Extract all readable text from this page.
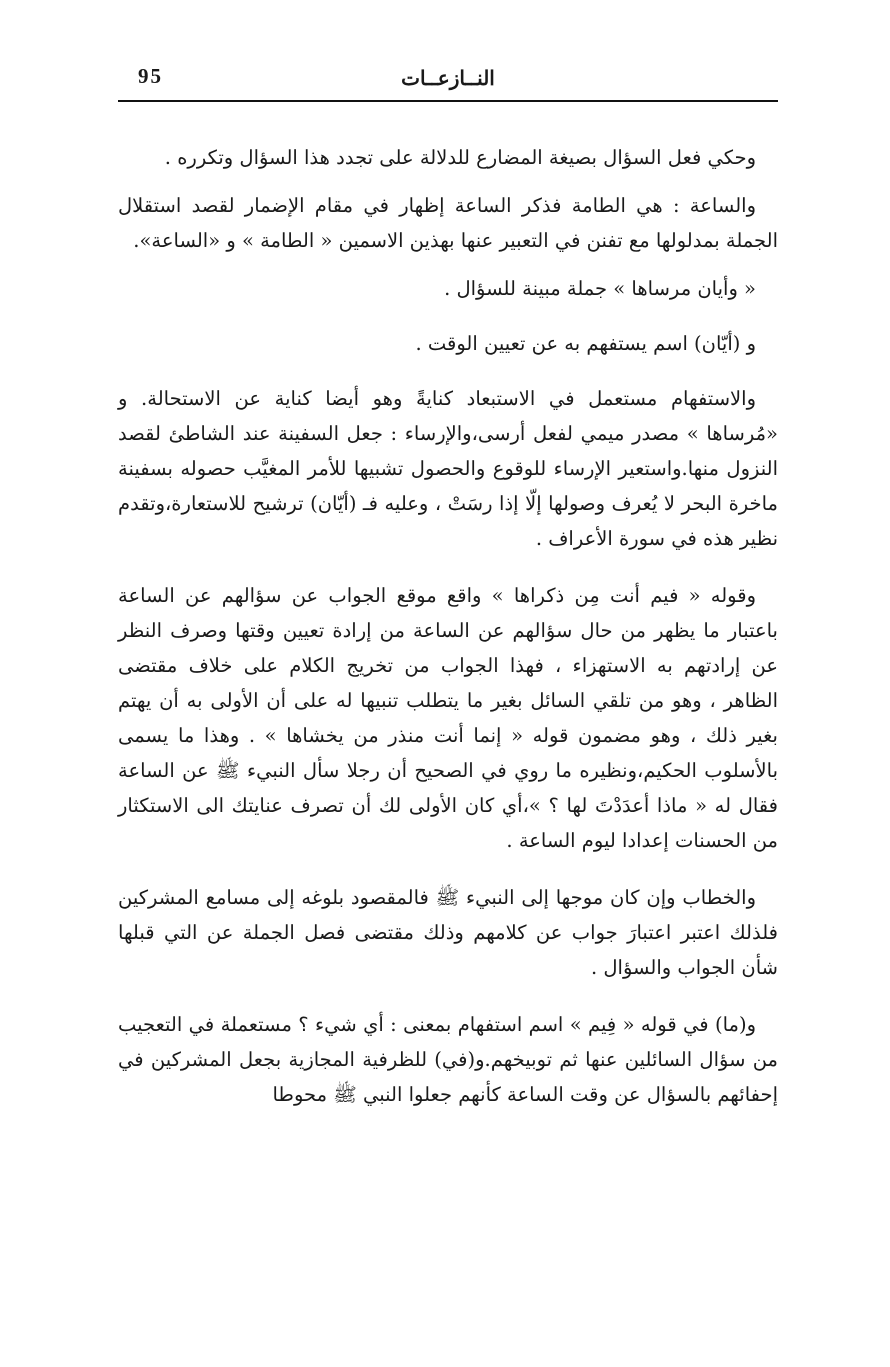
95	النــازعــات

وحكي فعل السؤال بصيغة المضارع للدلالة على تجدد هذا السؤال وتكرره .

والساعة : هي الطامة فذكر الساعة إظهار في مقام الإضمار لقصد استقلال الجملة بمدلولها مع تفنن في التعبير عنها بهذين الاسمين « الطامة » و «الساعة».

« وأيان مرساها » جملة مبينة للسؤال .

و (أيّان) اسم يستفهم به عن تعيين الوقت .

والاستفهام مستعمل في الاستبعاد كنايةً وهو أيضا كناية عن الاستحالة. و «مُرساها » مصدر ميمي لفعل أرسى،والإرساء : جعل السفينة عند الشاطئ لقصد النزول منها.واستعير الإرساء للوقوع والحصول تشبيها للأمر المغيَّب حصوله بسفينة ماخرة البحر لا يُعرف وصولها إلّا إذا رسَتْ ، وعليه فـ (أيّان) ترشيح للاستعارة،وتقدم نظير هذه في سورة الأعراف .

وقوله « فيم أنت مِن ذكراها » واقع موقع الجواب عن سؤالهم عن الساعة باعتبار ما يظهر من حال سؤالهم عن الساعة من إرادة تعيين وقتها وصرف النظر عن إرادتهم به الاستهزاء ، فهذا الجواب من تخريج الكلام على خلاف مقتضى الظاهر ، وهو من تلقي السائل بغير ما يتطلب تنبيها له على أن الأولى به أن يهتم بغير ذلك ، وهو مضمون قوله « إنما أنت منذر من يخشاها » . وهذا ما يسمى بالأسلوب الحكيم،ونظيره ما روي في الصحيح أن رجلا سأل النبيء ﷺ عن الساعة فقال له « ماذا أعدَدْتَ لها ؟ »،أي كان الأولى لك أن تصرف عنايتك الى الاستكثار من الحسنات إعدادا ليوم الساعة .

والخطاب وإن كان موجها إلى النبيء ﷺ فالمقصود بلوغه إلى مسامع المشركين فلذلك اعتبر اعتبارَ جواب عن كلامهم وذلك مقتضى فصل الجملة عن التي قبلها شأن الجواب والسؤال .

و(ما) في قوله « فِيم » اسم استفهام بمعنى : أي شيء ؟ مستعملة في التعجيب من سؤال السائلين عنها ثم توبيخهم.و(في) للظرفية المجازية بجعل المشركين في إحفائهم بالسؤال عن وقت الساعة كأنهم جعلوا النبي ﷺ محوطا
